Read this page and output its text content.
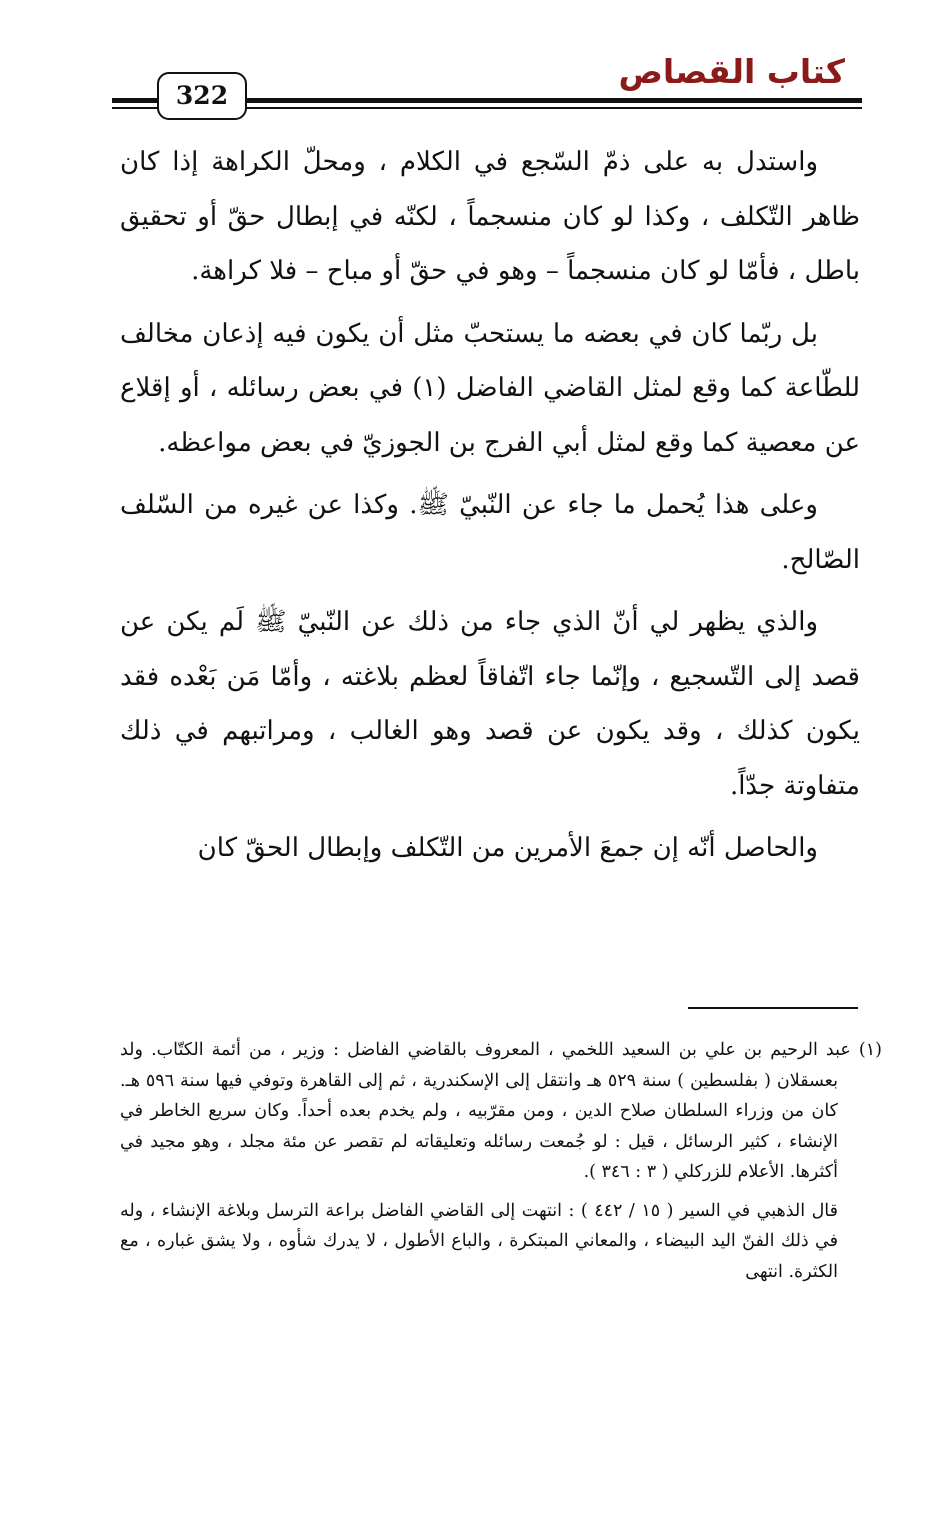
كتاب القصاص
322

واستدل به على ذمّ السّجع في الكلام ، ومحلّ الكراهة إذا كان ظاهر التّكلف ، وكذا لو كان منسجماً ، لكنّه في إبطال حقّ أو تحقيق باطل ، فأمّا لو كان منسجماً – وهو في حقّ أو مباح – فلا كراهة.

بل ربّما كان في بعضه ما يستحبّ مثل أن يكون فيه إذعان مخالف للطّاعة كما وقع لمثل القاضي الفاضل (١) في بعض رسائله ، أو إقلاع عن معصية كما وقع لمثل أبي الفرج بن الجوزيّ في بعض مواعظه.

وعلى هذا يُحمل ما جاء عن النّبيّ ﷺ. وكذا عن غيره من السّلف الصّالح.

والذي يظهر لي أنّ الذي جاء من ذلك عن النّبيّ ﷺ لَم يكن عن قصد إلى التّسجيع ، وإنّما جاء اتّفاقاً لعظم بلاغته ، وأمّا مَن بَعْده فقد يكون كذلك ، وقد يكون عن قصد وهو الغالب ، ومراتبهم في ذلك متفاوتة جدّاً.

والحاصل أنّه إن جمعَ الأمرين من التّكلف وإبطال الحقّ كان

(١) عبد الرحيم بن علي بن السعيد اللخمي ، المعروف بالقاضي الفاضل : وزير ، من أئمة الكتّاب. ولد بعسقلان ( بفلسطين ) سنة ٥٢٩ هـ وانتقل إلى الإسكندرية ، ثم إلى القاهرة وتوفي فيها سنة ٥٩٦ هـ. كان من وزراء السلطان صلاح الدين ، ومن مقرّبيه ، ولم يخدم بعده أحداً. وكان سريع الخاطر في الإنشاء ، كثير الرسائل ، قيل : لو جُمعت رسائله وتعليقاته لم تقصر عن مئة مجلد ، وهو مجيد في أكثرها. الأعلام للزركلي ( ٣ : ٣٤٦ ).

قال الذهبي في السير ( ١٥ / ٤٤٢ ) : انتهت إلى القاضي الفاضل براعة الترسل وبلاغة الإنشاء ، وله في ذلك الفنّ اليد البيضاء ، والمعاني المبتكرة ، والباع الأطول ، لا يدرك شأوه ، ولا يشق غباره ، مع الكثرة. انتهى
